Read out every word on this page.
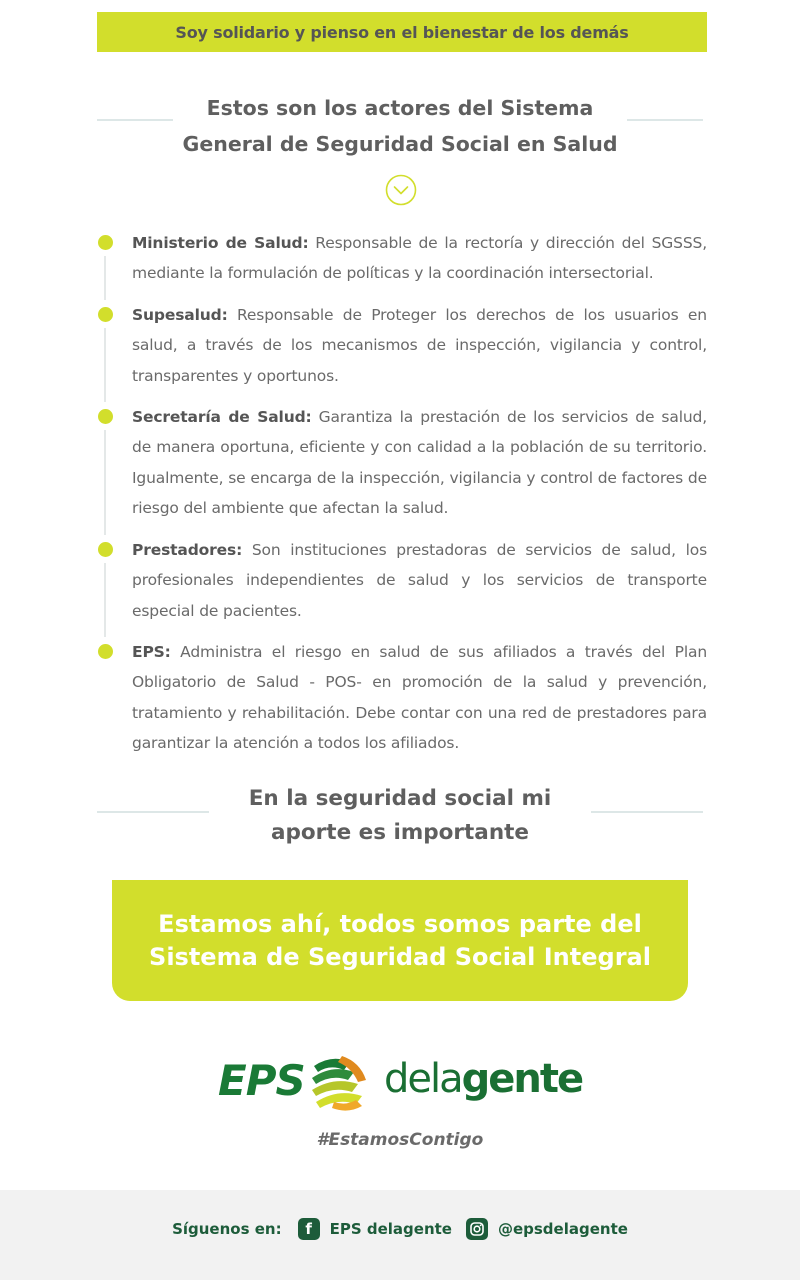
Soy solidario y pienso en el bienestar de los demás
Estos son los actores del Sistema
General de Seguridad Social en Salud
Ministerio de Salud: Responsable de la rectoría y dirección del SGSSS, mediante la formulación de políticas y la coordinación intersectorial.
Supesalud: Responsable de Proteger los derechos de los usuarios en salud, a través de los mecanismos de inspección, vigilancia y control, transparentes y oportunos.
Secretaría de Salud: Garantiza la prestación de los servicios de salud, de manera oportuna, eficiente y con calidad a la población de su territorio. Igualmente, se encarga de la inspección, vigilancia y control de factores de riesgo del ambiente que afectan la salud.
Prestadores: Son instituciones prestadoras de servicios de salud, los profesionales independientes de salud y los servicios de transporte especial de pacientes.
EPS: Administra el riesgo en salud de sus afiliados a través del Plan Obligatorio de Salud - POS- en promoción de la salud y prevención, tratamiento y rehabilitación. Debe contar con una red de prestadores para garantizar la atención a todos los afiliados.
En la seguridad social mi
aporte es importante
Estamos ahí, todos somos parte del
Sistema de Seguridad Social Integral
EPS delagente
#EstamosContigo
Síguenos en:	f	EPS delagente	@epsdelagente
